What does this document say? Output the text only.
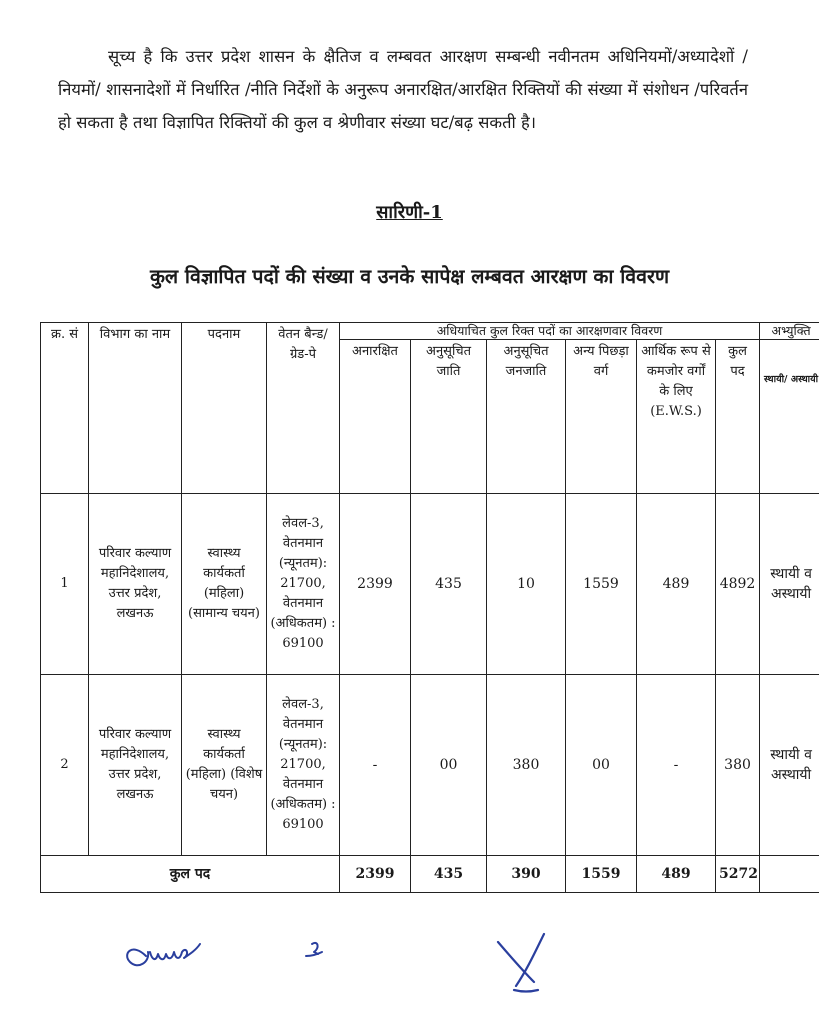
सूच्य है कि उत्तर प्रदेश शासन के क्षैतिज व लम्बवत आरक्षण सम्बन्धी नवीनतम अधिनियमों/अध्यादेशों / नियमों/ शासनादेशों में निर्धारित /नीति निर्देशों के अनुरूप अनारक्षित/आरक्षित रिक्तियों की संख्या में संशोधन /परिवर्तन हो सकता है तथा विज्ञापित रिक्तियों की कुल व श्रेणीवार संख्या घट/बढ़ सकती है।
सारिणी-1
कुल विज्ञापित पदों की संख्या व उनके सापेक्ष लम्बवत आरक्षण का विवरण
क्र. सं	विभाग का नाम	पदनाम	वेतन बैन्ड/ ग्रेड-पे	अधियाचित कुल रिक्त पदों का आरक्षणवार विवरण						अभ्युक्ति
				अनारक्षित	अनुसूचित जाति	अनुसूचित जनजाति	अन्य पिछड़ा वर्ग	आर्थिक रूप से कमजोर वर्गों के लिए (E.W.S.)	कुल पद	स्थायी/ अस्थायी
1	परिवार कल्याण महानिदेशालय, उत्तर प्रदेश, लखनऊ	स्वास्थ्य कार्यकर्ता (महिला) (सामान्य चयन)	लेवल-3, वेतनमान (न्यूनतम): 21700, वेतनमान (अधिकतम) : 69100	2399	435	10	1559	489	4892	स्थायी व अस्थायी
2	परिवार कल्याण महानिदेशालय, उत्तर प्रदेश, लखनऊ	स्वास्थ्य कार्यकर्ता (महिला) (विशेष चयन)	लेवल-3, वेतनमान (न्यूनतम): 21700, वेतनमान (अधिकतम) : 69100	-	00	380	00	-	380	स्थायी व अस्थायी
कुल पद				2399	435	390	1559	489	5272	
